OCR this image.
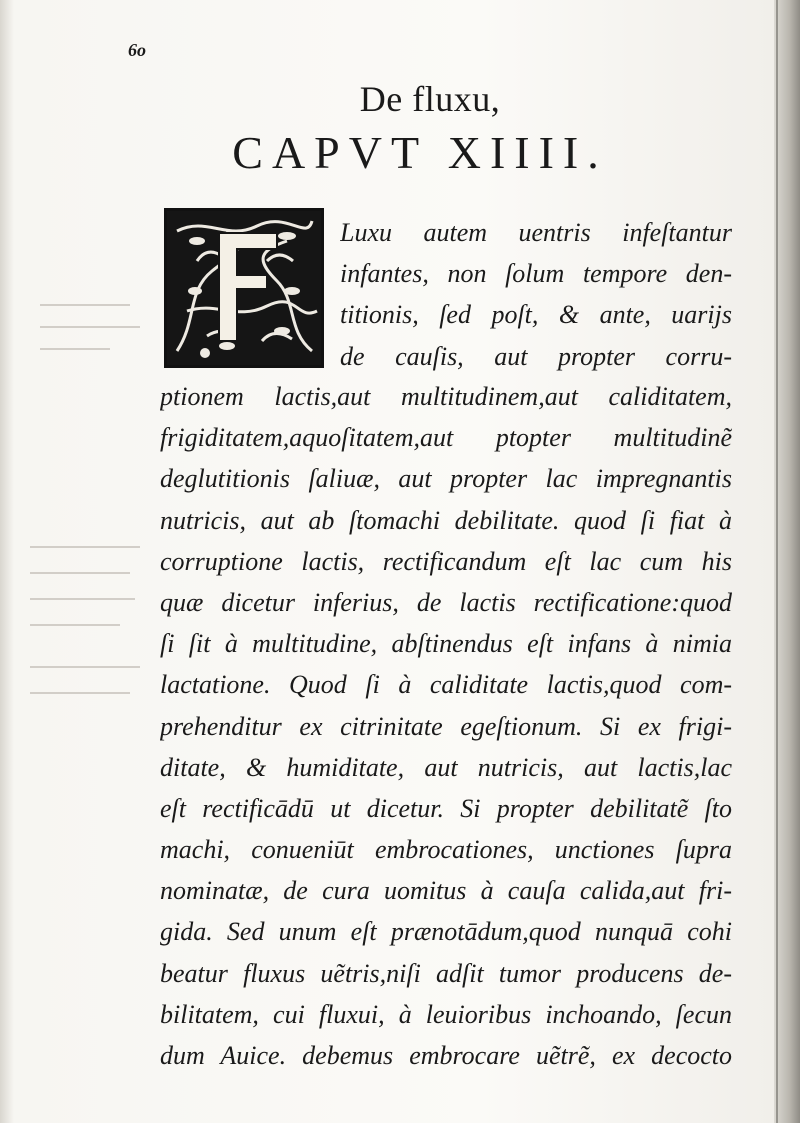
6o
De fluxu,
CAPVT XIIII.
Luxu autem uentris infeſtantur
infantes, non ſolum tempore den-
titionis, ſed poſt, & ante, uarijs
de cauſis, aut propter corru-
ptionem lactis,aut multitudinem,aut caliditatem,
frigiditatem,aquoſitatem,aut ptopter multitudinẽ
deglutitionis ſaliuæ, aut propter lac impregnantis
nutricis, aut ab ſtomachi debilitate. quod ſi fiat à
corruptione lactis, rectificandum eſt lac cum his
quæ dicetur inferius, de lactis rectificatione:quod
ſi ſit à multitudine, abſtinendus eſt infans à nimia
lactatione. Quod ſi à caliditate lactis,quod com-
prehenditur ex citrinitate egeſtionum. Si ex frigi-
ditate, & humiditate, aut nutricis, aut lactis,lac
eſt rectificādū ut dicetur. Si propter debilitatẽ ſto
machi, conueniūt embrocationes, unctiones ſupra
nominatæ, de cura uomitus à cauſa calida,aut fri-
gida. Sed unum eſt prænotādum,quod nunquā cohi
beatur fluxus uẽtris,niſi adſit tumor producens de-
bilitatem, cui fluxui, à leuioribus inchoando, ſecun
dum Auice. debemus embrocare uẽtrẽ, ex decocto
